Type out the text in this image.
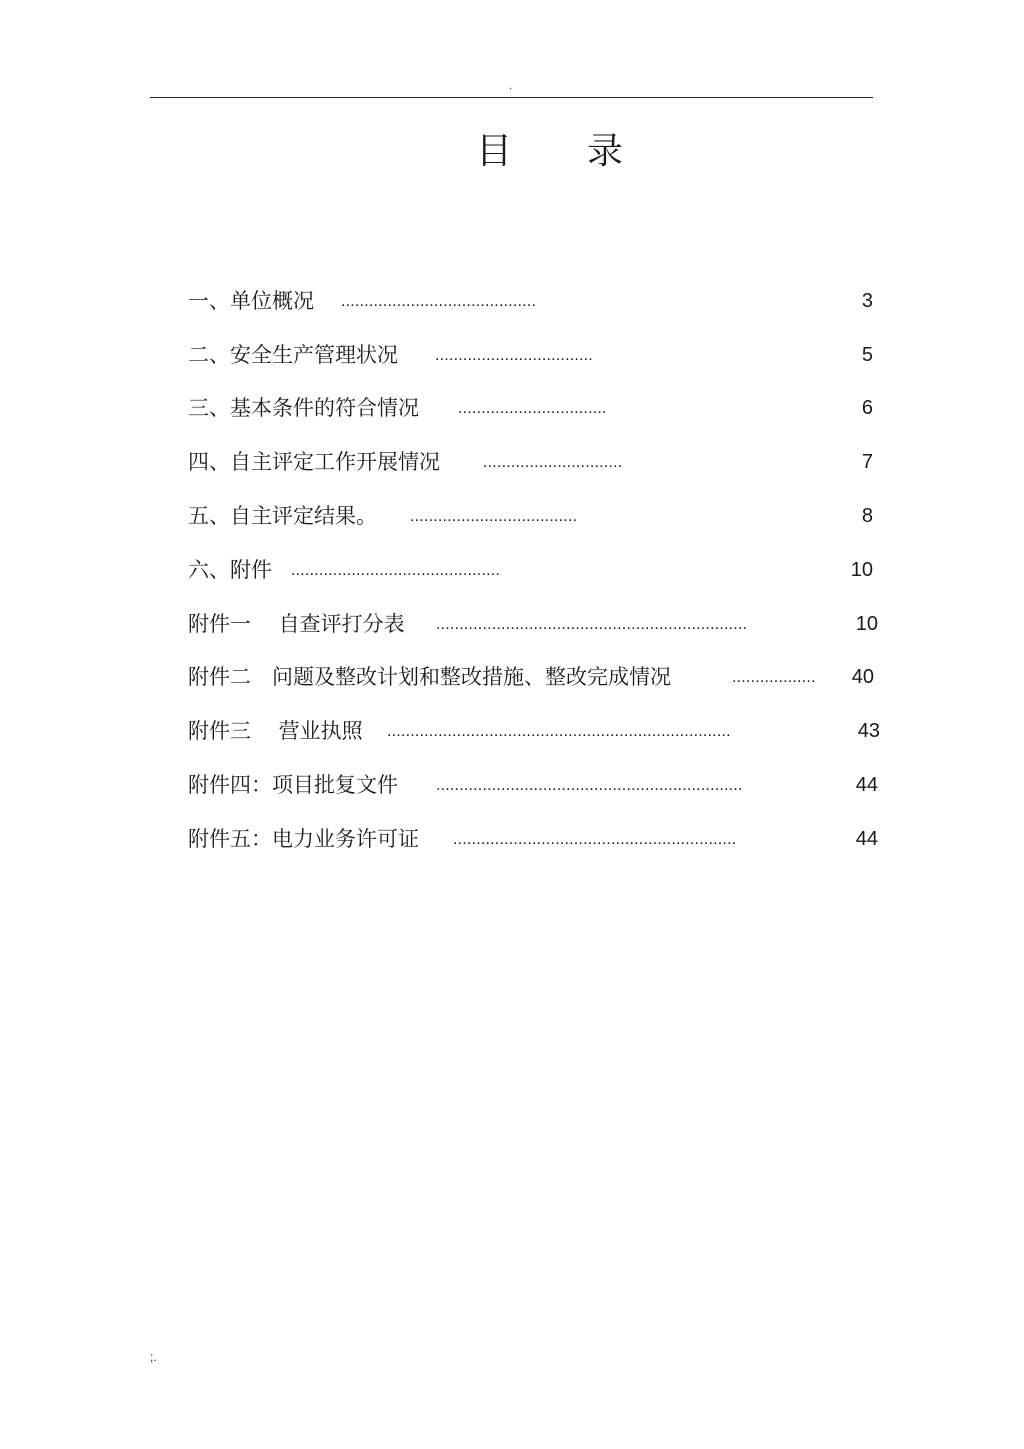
.
目 录
一、单位概况 ..........................................	3
二、安全生产管理状况 ..................................	5
三、基本条件的符合情况 ................................	6
四、自主评定工作开展情况	..............................	7
五、自主评定结果。 ....................................	8
六、附件 .............................................	10
附件一　 自查评打分表 ...................................................................	10
附件二　问题及整改计划和整改措施、整改完成情况	..................	40
附件三　 营业执照 ..........................................................................	43
附件四：项目批复文件 ..................................................................	44
附件五：电力业务许可证 .............................................................	44
;.
